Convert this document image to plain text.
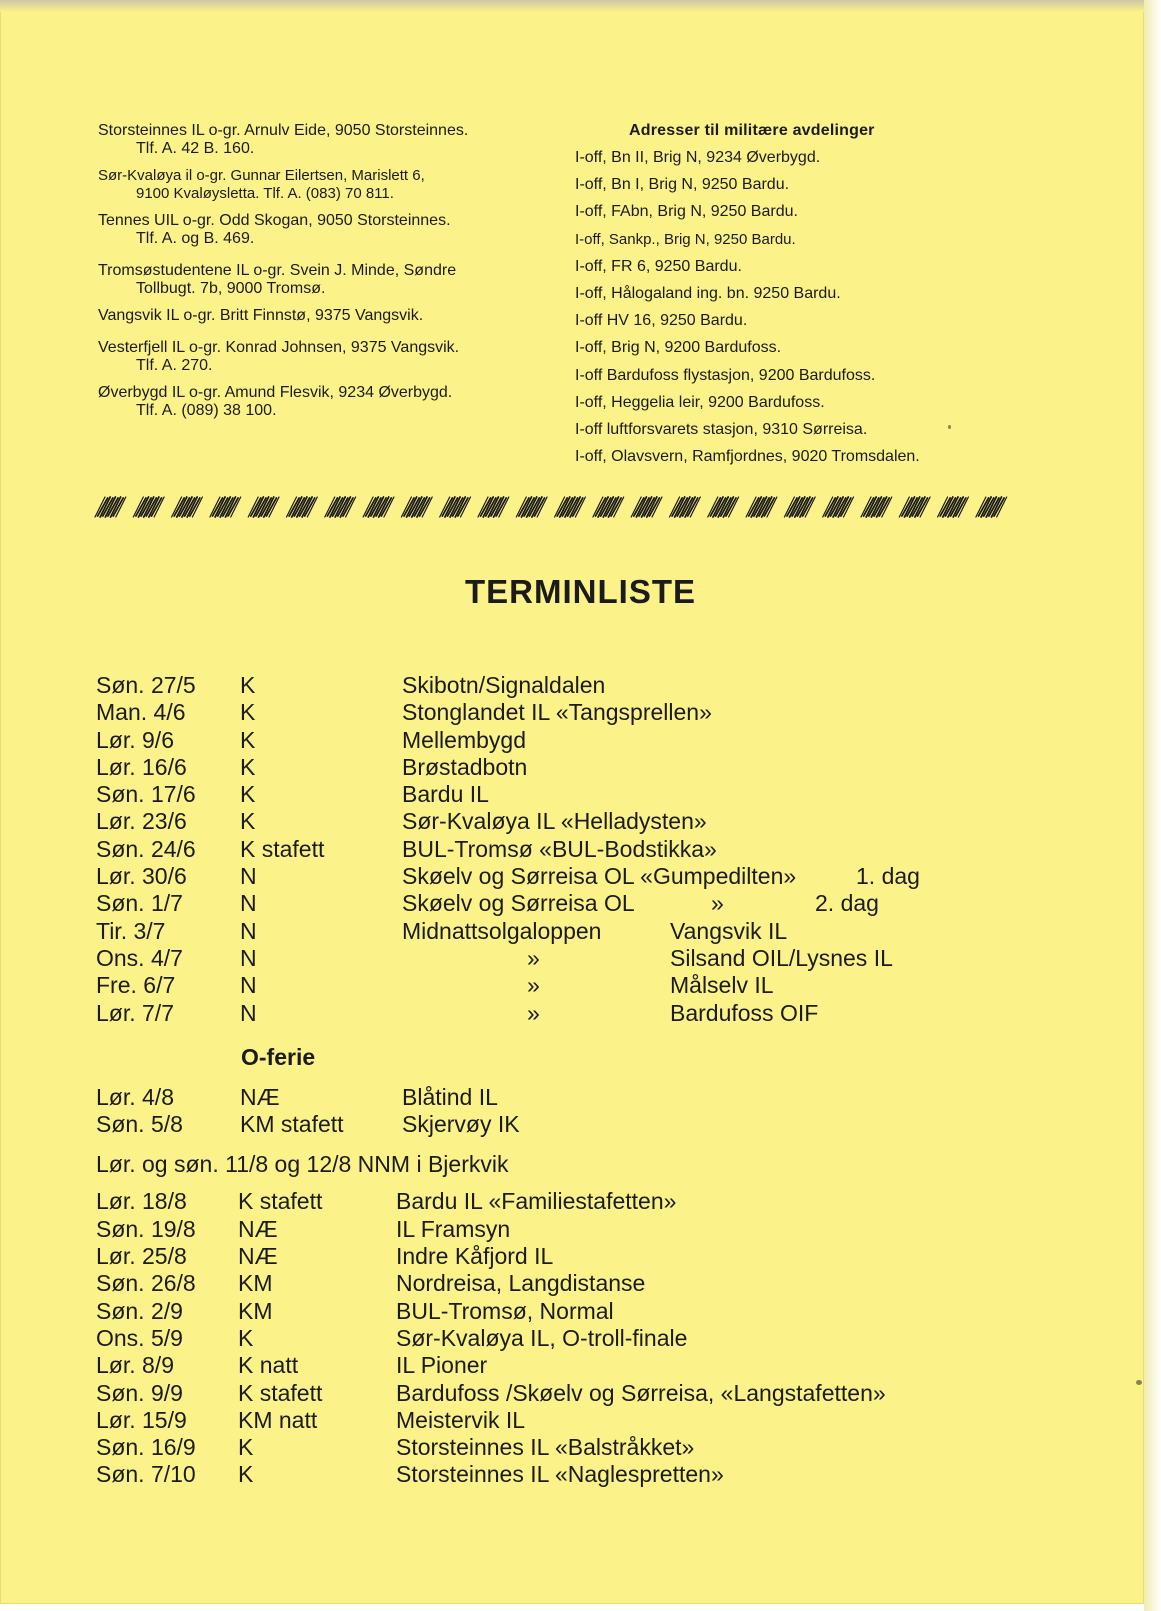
Storsteinnes IL o-gr. Arnulv Eide, 9050 Storsteinnes.
Tlf. A. 42 B. 160.
Sør-Kvaløya il o-gr. Gunnar Eilertsen, Marislett 6,
9100 Kvaløysletta. Tlf. A. (083) 70 811.
Tennes UIL o-gr. Odd Skogan, 9050 Storsteinnes.
Tlf. A. og B. 469.
Tromsøstudentene IL o-gr. Svein J. Minde, Søndre
Tollbugt. 7b, 9000 Tromsø.
Vangsvik IL o-gr. Britt Finnstø, 9375 Vangsvik.
Vesterfjell IL o-gr. Konrad Johnsen, 9375 Vangsvik.
Tlf. A. 270.
Øverbygd IL o-gr. Amund Flesvik, 9234 Øverbygd.
Tlf. A. (089) 38 100.
Adresser til militære avdelinger
I-off, Bn II, Brig N, 9234 Øverbygd.
I-off, Bn I, Brig N, 9250 Bardu.
I-off, FAbn, Brig N, 9250 Bardu.
I-off, Sankp., Brig N, 9250 Bardu.
I-off, FR 6, 9250 Bardu.
I-off, Hålogaland ing. bn. 9250 Bardu.
I-off HV 16, 9250 Bardu.
I-off, Brig N, 9200 Bardufoss.
I-off Bardufoss flystasjon, 9200 Bardufoss.
I-off, Heggelia leir, 9200 Bardufoss.
I-off luftforsvarets stasjon, 9310 Sørreisa.
I-off, Olavsvern, Ramfjordnes, 9020 Tromsdalen.
TERMINLISTE
Søn. 27/5 K	Skibotn/Signaldalen
Man. 4/6 K	Stonglandet IL «Tangsprellen»
Lør. 9/6	K	Mellembygd
Lør. 16/6 K	Brøstadbotn
Søn. 17/6 K	Bardu IL
Lør. 23/6 K	Sør-Kvaløya IL «Helladysten»
Søn. 24/6 K stafett	BUL-Tromsø «BUL-Bodstikka»
Lør. 30/6 N	Skøelv og Sørreisa OL «Gumpedilten»	1. dag
Søn. 1/7 N	Skøelv og Sørreisa OL	»	2. dag
Tir. 3/7	N	Midnattsolgaloppen	Vangsvik IL
Ons. 4/7 N	»	Silsand OIL/Lysnes IL
Fre. 6/7	N	»	Målselv IL
Lør. 7/7	N	»	Bardufoss OIF
O-ferie
Lør. 4/8	NÆ	Blåtind IL
Søn. 5/8 KM stafett	Skjervøy IK
Lør. og søn. 11/8 og 12/8 NNM i Bjerkvik
Lør. 18/8 K stafett	Bardu IL «Familiestafetten»
Søn. 19/8 NÆ	IL Framsyn
Lør. 25/8 NÆ	Indre Kåfjord IL
Søn. 26/8 KM	Nordreisa, Langdistanse
Søn. 2/9 KM	BUL-Tromsø, Normal
Ons. 5/9 K	Sør-Kvaløya IL, O-troll-finale
Lør. 8/9	K natt	IL Pioner
Søn. 9/9 K stafett	Bardufoss /Skøelv og Sørreisa, «Langstafetten»
Lør. 15/9 KM natt	Meistervik IL
Søn. 16/9 K	Storsteinnes IL «Balstråkket»
Søn. 7/10 K	Storsteinnes IL «Naglespretten»
